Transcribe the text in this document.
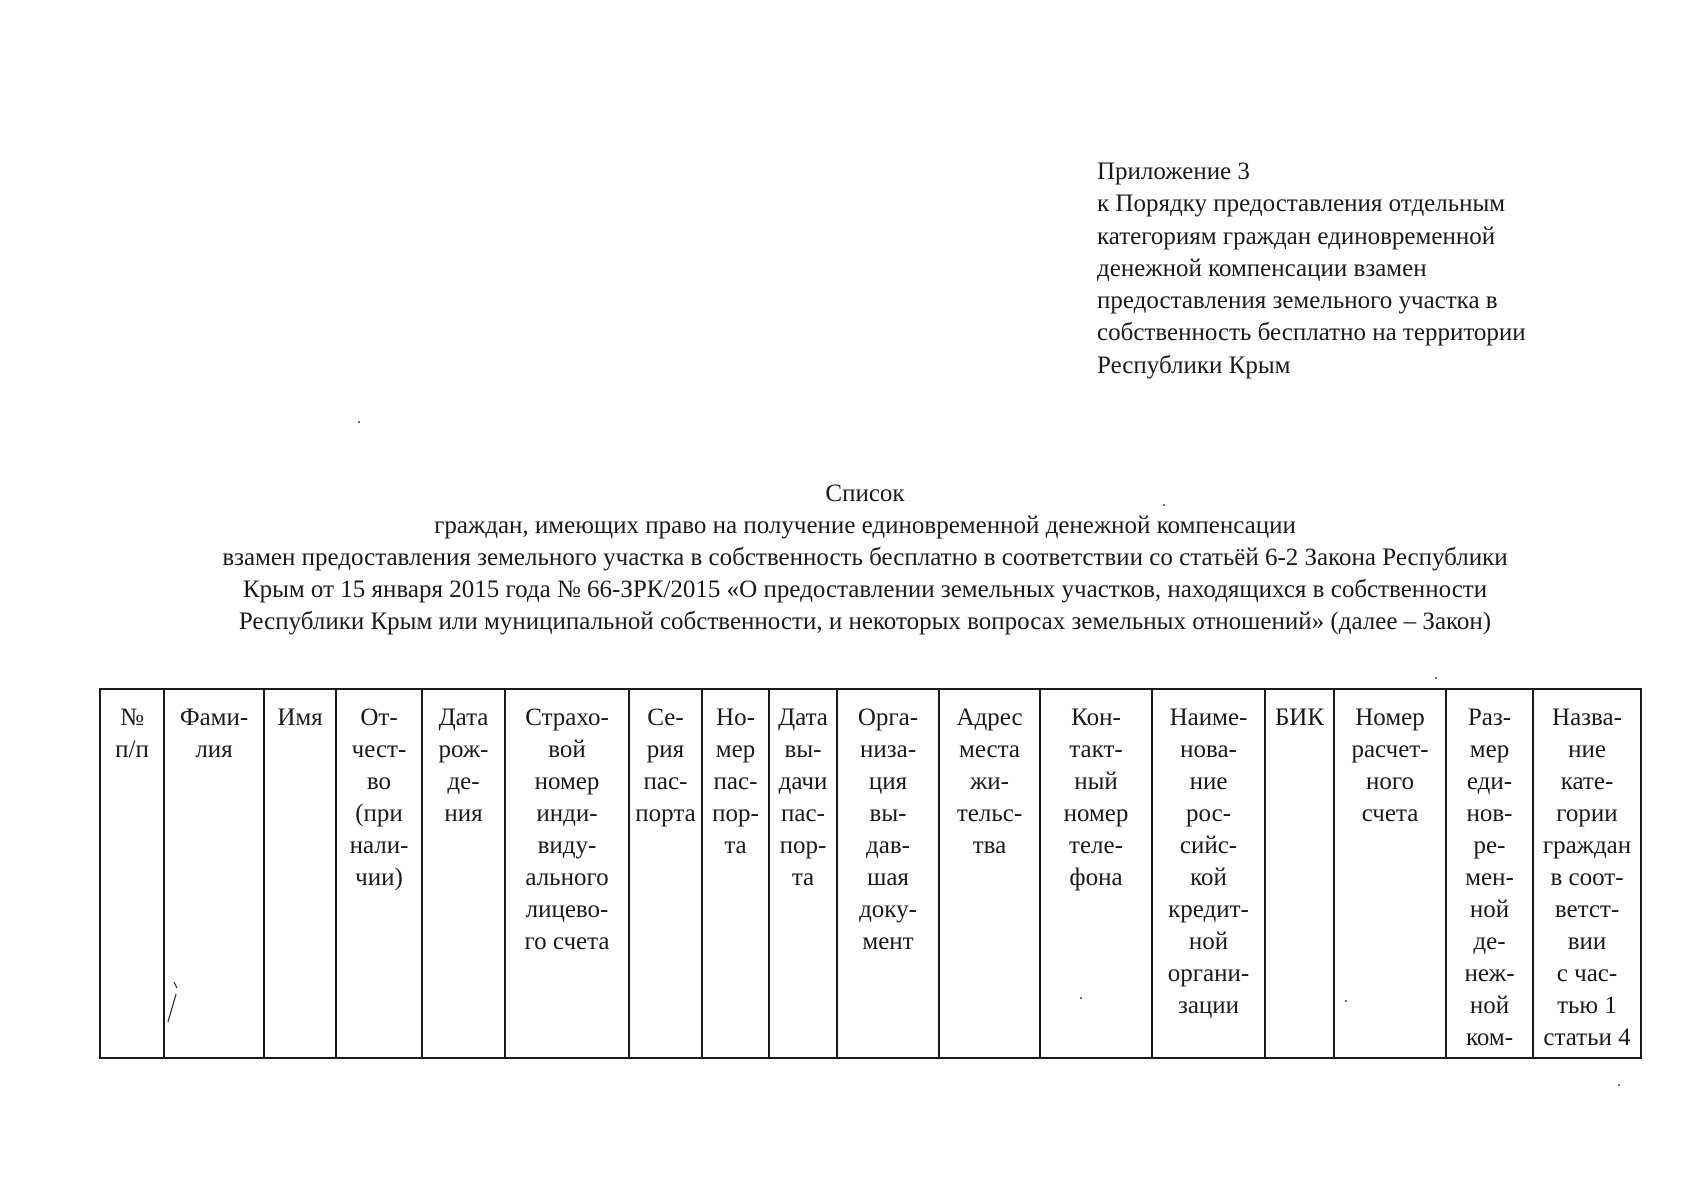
Приложение 3
к Порядку предоставления отдельным
категориям граждан единовременной
денежной компенсации взамен
предоставления земельного участка в
собственность бесплатно на территории
Республики Крым
Список
граждан, имеющих право на получение единовременной денежной компенсации
взамен предоставления земельного участка в собственность бесплатно в соответствии со статьёй 6-2 Закона Республики
Крым от 15 января 2015 года № 66-ЗРК/2015 «О предоставлении земельных участков, находящихся в собственности
Республики Крым или муниципальной собственности, и некоторых вопросах земельных отношений» (далее – Закон)
№
п/п	Фами-
лия	Имя	От-
чест-
во
(при
нали-
чии)	Дата
рож-
де-
ния	Страхо-
вой
номер
инди-
виду-
ального
лицево-
го счета	Се-
рия
пас-
порта	Но-
мер
пас-
пор-
та	Дата
вы-
дачи
пас-
пор-
та	Орга-
низа-
ция
вы-
дав-
шая
доку-
мент	Адрес
места
жи-
тельс-
тва	Кон-
такт-
ный
номер
теле-
фона	Наиме-
нова-
ние
рос-
сийс-
кой
кредит-
ной
органи-
зации	БИК	Номер
расчет-
ного
счета	Раз-
мер
еди-
нов-
ре-
мен-
ной
де-
неж-
ной
ком-	Назва-
ние
кате-
гории
граждан
в соот-
ветст-
вии
с час-
тью 1
статьи 4
